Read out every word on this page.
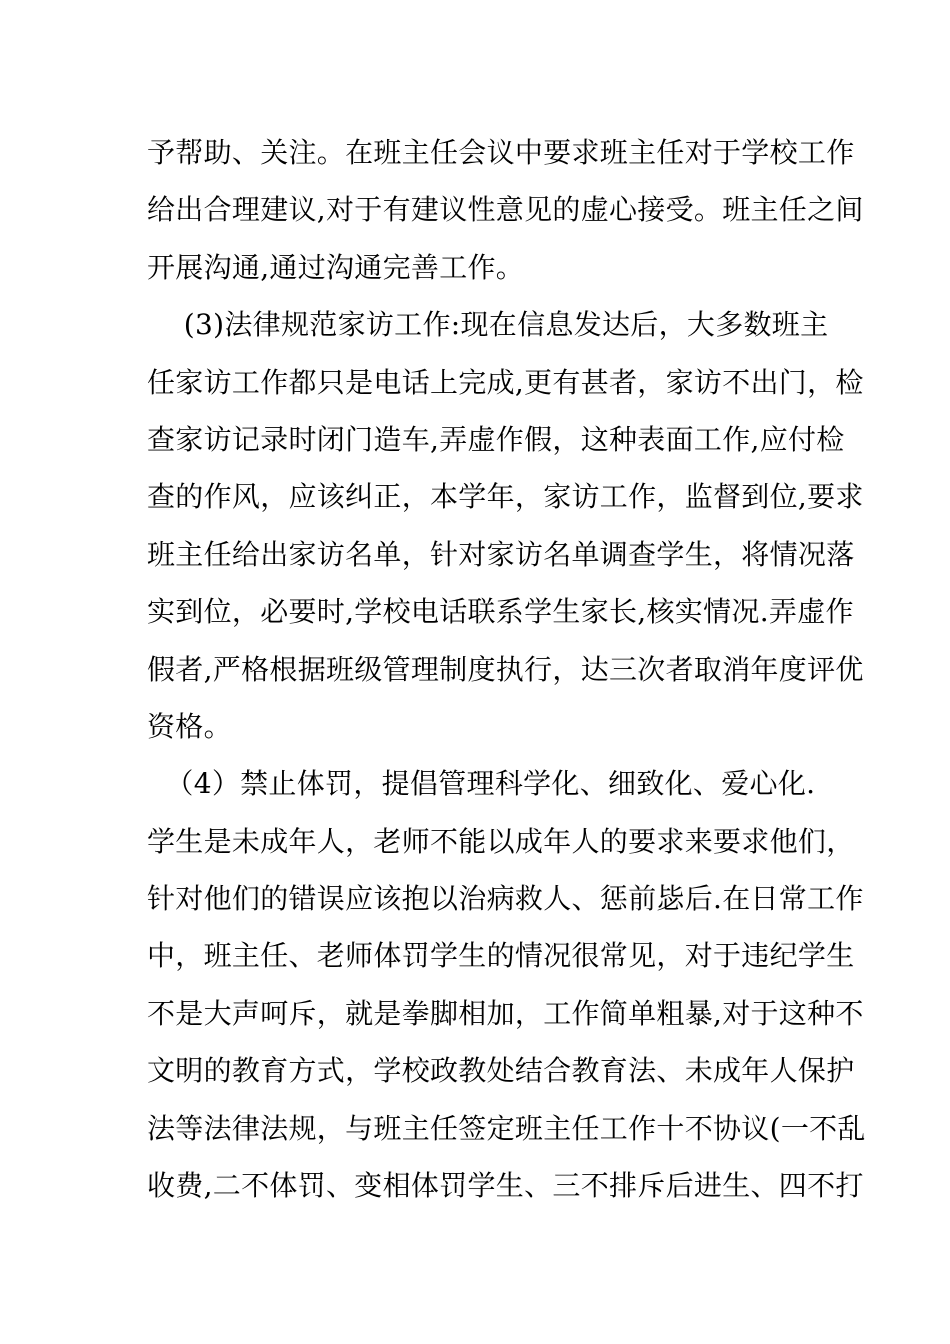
予帮助、关注。在班主任会议中要求班主任对于学校工作
给出合理建议,对于有建议性意见的虚心接受。班主任之间
开展沟通,通过沟通完善工作。
(3)法律规范家访工作:现在信息发达后，大多数班主
任家访工作都只是电话上完成,更有甚者，家访不出门，检
查家访记录时闭门造车,弄虚作假，这种表面工作,应付检
查的作风，应该纠正，本学年，家访工作，监督到位,要求
班主任给出家访名单，针对家访名单调查学生，将情况落
实到位，必要时,学校电话联系学生家长,核实情况.弄虚作
假者,严格根据班级管理制度执行，达三次者取消年度评优
资格。
（4）禁止体罚，提倡管理科学化、细致化、爱心化.
学生是未成年人，老师不能以成年人的要求来要求他们，
针对他们的错误应该抱以治病救人、惩前毖后.在日常工作
中，班主任、老师体罚学生的情况很常见，对于违纪学生
不是大声呵斥，就是拳脚相加，工作简单粗暴,对于这种不
文明的教育方式，学校政教处结合教育法、未成年人保护
法等法律法规，与班主任签定班主任工作十不协议(一不乱
收费,二不体罚、变相体罚学生、三不排斥后进生、四不打
